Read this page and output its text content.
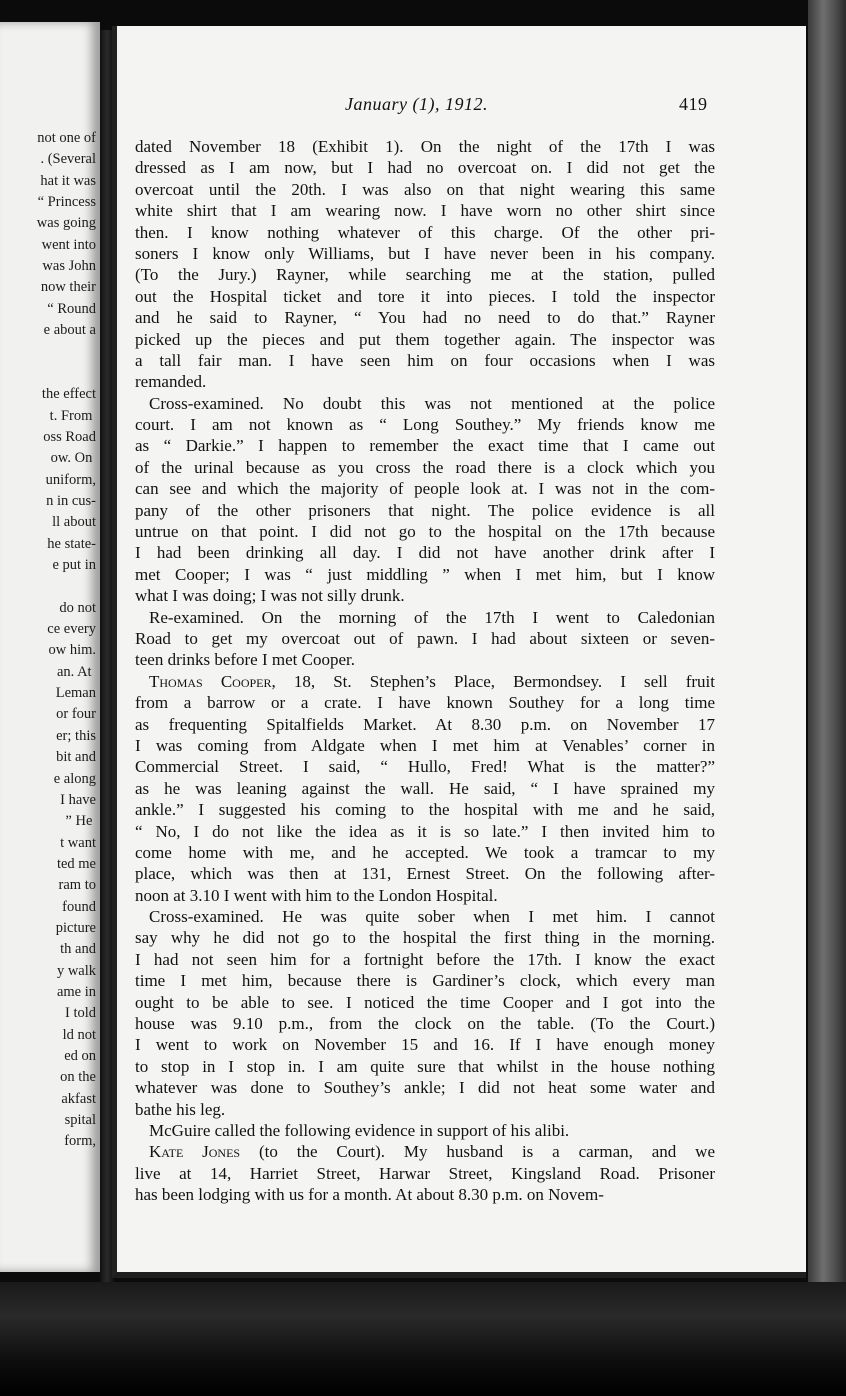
not one of
. (Several
hat it was
“ Princess
was going
went into
was John
now their
“ Round
e about a
the effect
t. From
oss Road
ow. On
uniform,
n in cus-
ll about
he state-
e put in
do not
ce every
ow him.
an. At
Leman
or four
er; this
bit and
e along
I have
” He
t want
ted me
ram to
found
picture
th and
y walk
ame in
I told
ld not
ed on
on the
akfast
spital
form,
January (1), 1912.	419
dated November 18 (Exhibit 1). On the night of the 17th I was
dressed as I am now, but I had no overcoat on. I did not get the
overcoat until the 20th. I was also on that night wearing this same
white shirt that I am wearing now. I have worn no other shirt since
then. I know nothing whatever of this charge. Of the other pri-
soners I know only Williams, but I have never been in his company.
(To the Jury.) Rayner, while searching me at the station, pulled
out the Hospital ticket and tore it into pieces. I told the inspector
and he said to Rayner, “ You had no need to do that.” Rayner
picked up the pieces and put them together again. The inspector was
a tall fair man. I have seen him on four occasions when I was
remanded.
Cross-examined. No doubt this was not mentioned at the police
court. I am not known as “ Long Southey.” My friends know me
as “ Darkie.” I happen to remember the exact time that I came out
of the urinal because as you cross the road there is a clock which you
can see and which the majority of people look at. I was not in the com-
pany of the other prisoners that night. The police evidence is all
untrue on that point. I did not go to the hospital on the 17th because
I had been drinking all day. I did not have another drink after I
met Cooper; I was “ just middling ” when I met him, but I know
what I was doing; I was not silly drunk.
Re-examined. On the morning of the 17th I went to Caledonian
Road to get my overcoat out of pawn. I had about sixteen or seven-
teen drinks before I met Cooper.
Thomas Cooper, 18, St. Stephen’s Place, Bermondsey. I sell fruit
from a barrow or a crate. I have known Southey for a long time
as frequenting Spitalfields Market. At 8.30 p.m. on November 17
I was coming from Aldgate when I met him at Venables’ corner in
Commercial Street. I said, “ Hullo, Fred! What is the matter?”
as he was leaning against the wall. He said, “ I have sprained my
ankle.” I suggested his coming to the hospital with me and he said,
“ No, I do not like the idea as it is so late.” I then invited him to
come home with me, and he accepted. We took a tramcar to my
place, which was then at 131, Ernest Street. On the following after-
noon at 3.10 I went with him to the London Hospital.
Cross-examined. He was quite sober when I met him. I cannot
say why he did not go to the hospital the first thing in the morning.
I had not seen him for a fortnight before the 17th. I know the exact
time I met him, because there is Gardiner’s clock, which every man
ought to be able to see. I noticed the time Cooper and I got into the
house was 9.10 p.m., from the clock on the table. (To the Court.)
I went to work on November 15 and 16. If I have enough money
to stop in I stop in. I am quite sure that whilst in the house nothing
whatever was done to Southey’s ankle; I did not heat some water and
bathe his leg.
McGuire called the following evidence in support of his alibi.
Kate Jones (to the Court). My husband is a carman, and we
live at 14, Harriet Street, Harwar Street, Kingsland Road. Prisoner
has been lodging with us for a month. At about 8.30 p.m. on Novem-
